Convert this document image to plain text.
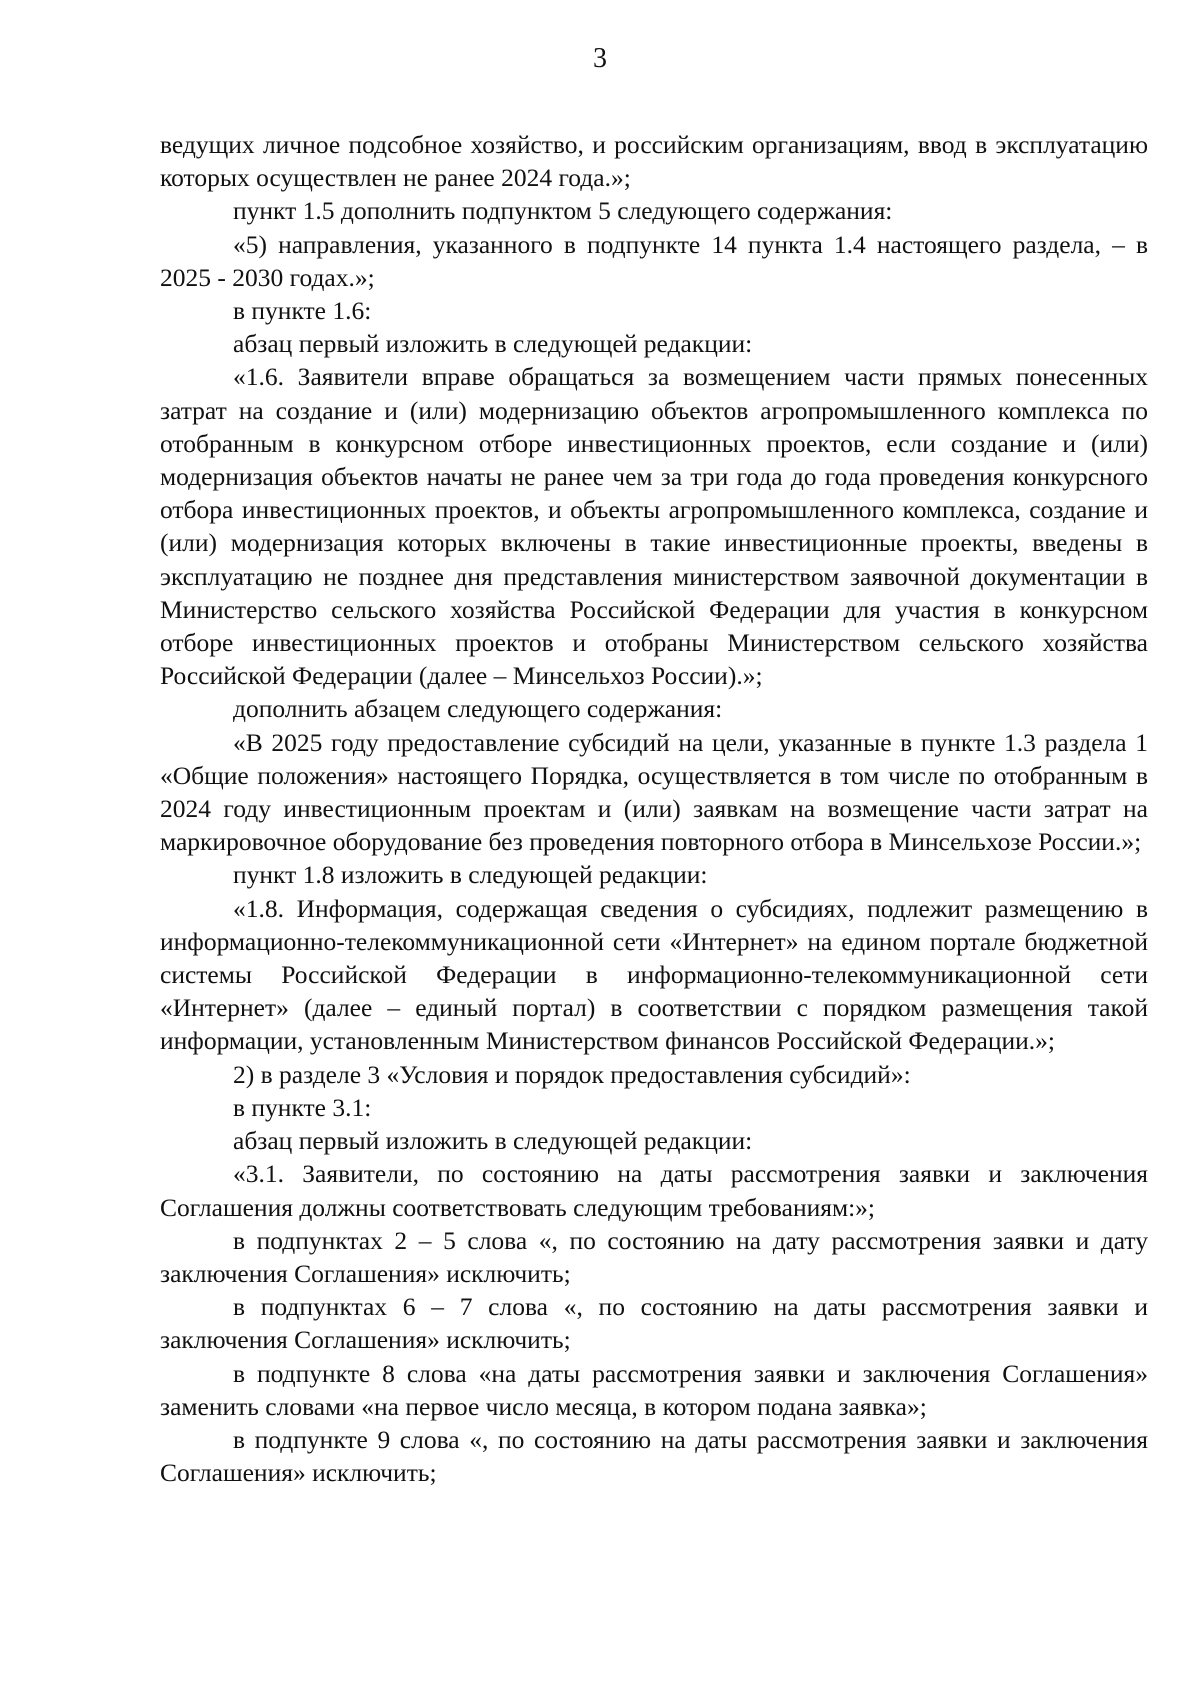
3

ведущих личное подсобное хозяйство, и российским организациям, ввод в эксплуатацию которых осуществлен не ранее 2024 года.»;

пункт 1.5 дополнить подпунктом 5 следующего содержания:

«5) направления, указанного в подпункте 14 пункта 1.4 настоящего раздела, – в 2025 - 2030 годах.»;

в пункте 1.6:

абзац первый изложить в следующей редакции:

«1.6. Заявители вправе обращаться за возмещением части прямых понесенных затрат на создание и (или) модернизацию объектов агропромышленного комплекса по отобранным в конкурсном отборе инвестиционных проектов, если создание и (или) модернизация объектов начаты не ранее чем за три года до года проведения конкурсного отбора инвестиционных проектов, и объекты агропромышленного комплекса, создание и (или) модернизация которых включены в такие инвестиционные проекты, введены в эксплуатацию не позднее дня представления министерством заявочной документации в Министерство сельского хозяйства Российской Федерации для участия в конкурсном отборе инвестиционных проектов и отобраны Министерством сельского хозяйства Российской Федерации (далее – Минсельхоз России).»;

дополнить абзацем следующего содержания:

«В 2025 году предоставление субсидий на цели, указанные в пункте 1.3 раздела 1 «Общие положения» настоящего Порядка, осуществляется в том числе по отобранным в 2024 году инвестиционным проектам и (или) заявкам на возмещение части затрат на маркировочное оборудование без проведения повторного отбора в Минсельхозе России.»;

пункт 1.8 изложить в следующей редакции:

«1.8. Информация, содержащая сведения о субсидиях, подлежит размещению в информационно-телекоммуникационной сети «Интернет» на едином портале бюджетной системы Российской Федерации в информационно-телекоммуникационной сети «Интернет» (далее – единый портал) в соответствии с порядком размещения такой информации, установленным Министерством финансов Российской Федерации.»;

2) в разделе 3 «Условия и порядок предоставления субсидий»:

в пункте 3.1:

абзац первый изложить в следующей редакции:

«3.1. Заявители, по состоянию на даты рассмотрения заявки и заключения Соглашения должны соответствовать следующим требованиям:»;

в подпунктах 2 – 5 слова «, по состоянию на дату рассмотрения заявки и дату заключения Соглашения» исключить;

в подпунктах 6 – 7 слова «, по состоянию на даты рассмотрения заявки и заключения Соглашения» исключить;

в подпункте 8 слова «на даты рассмотрения заявки и заключения Соглашения» заменить словами «на первое число месяца, в котором подана заявка»;

в подпункте 9 слова «, по состоянию на даты рассмотрения заявки и заключения Соглашения» исключить;
